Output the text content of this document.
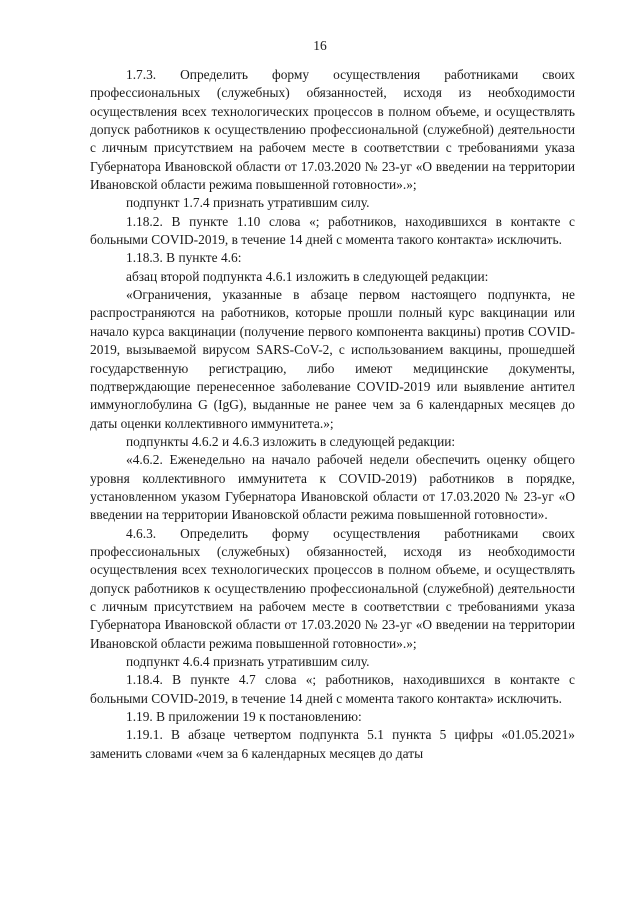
16

1.7.3. Определить форму осуществления работниками своих профессиональных (служебных) обязанностей, исходя из необходимости осуществления всех технологических процессов в полном объеме, и осуществлять допуск работников к осуществлению профессиональной (служебной) деятельности с личным присутствием на рабочем месте в соответствии с требованиями указа Губернатора Ивановской области от 17.03.2020 № 23-уг «О введении на территории Ивановской области режима повышенной готовности».»;

подпункт 1.7.4 признать утратившим силу.

1.18.2. В пункте 1.10 слова «; работников, находившихся в контакте с больными COVID-2019, в течение 14 дней с момента такого контакта» исключить.

1.18.3. В пункте 4.6:

абзац второй подпункта 4.6.1 изложить в следующей редакции:

«Ограничения, указанные в абзаце первом настоящего подпункта, не распространяются на работников, которые прошли полный курс вакцинации или начало курса вакцинации (получение первого компонента вакцины) против COVID-2019, вызываемой вирусом SARS-CoV-2, с использованием вакцины, прошедшей государственную регистрацию, либо имеют медицинские документы, подтверждающие перенесенное заболевание COVID-2019 или выявление антител иммуноглобулина G (IgG), выданные не ранее чем за 6 календарных месяцев до даты оценки коллективного иммунитета.»;

подпункты 4.6.2 и 4.6.3 изложить в следующей редакции:

«4.6.2. Еженедельно на начало рабочей недели обеспечить оценку общего уровня коллективного иммунитета к COVID-2019) работников в порядке, установленном указом Губернатора Ивановской области от 17.03.2020 № 23-уг «О введении на территории Ивановской области режима повышенной готовности».

4.6.3. Определить форму осуществления работниками своих профессиональных (служебных) обязанностей, исходя из необходимости осуществления всех технологических процессов в полном объеме, и осуществлять допуск работников к осуществлению профессиональной (служебной) деятельности с личным присутствием на рабочем месте в соответствии с требованиями указа Губернатора Ивановской области от 17.03.2020 № 23-уг «О введении на территории Ивановской области режима повышенной готовности».»;

подпункт 4.6.4 признать утратившим силу.

1.18.4. В пункте 4.7 слова «; работников, находившихся в контакте с больными COVID-2019, в течение 14 дней с момента такого контакта» исключить.

1.19. В приложении 19 к постановлению:

1.19.1. В абзаце четвертом подпункта 5.1 пункта 5 цифры «01.05.2021» заменить словами «чем за 6 календарных месяцев до даты
